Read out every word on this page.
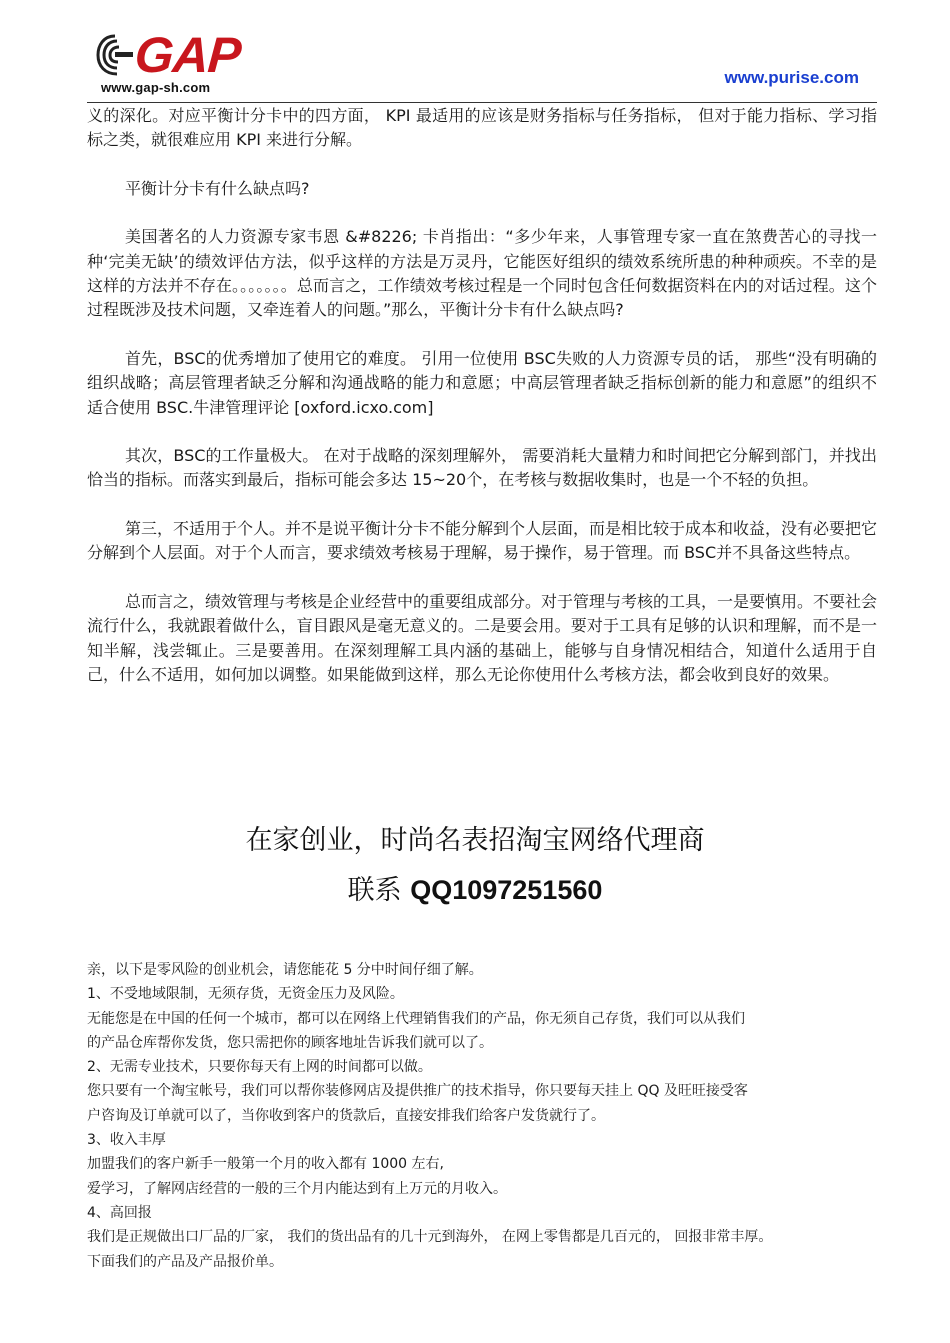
GAP
www.gap-sh.com
www.purise.com

义的深化。对应平衡计分卡中的四方面， KPI 最适用的应该是财务指标与任务指标， 但对于能力指标、学习指标之类，就很难应用 KPI 来进行分解。

平衡计分卡有什么缺点吗?

美国著名的人力资源专家韦恩 &#8226; 卡肖指出：“多少年来，人事管理专家一直在煞费苦心的寻找一种‘完美无缺’的绩效评估方法，似乎这样的方法是万灵丹，它能医好组织的绩效系统所患的种种顽疾。不幸的是这样的方法并不存在。。。。。。。总而言之，工作绩效考核过程是一个同时包含任何数据资料在内的对话过程。这个过程既涉及技术问题，又牵连着人的问题。”那么，平衡计分卡有什么缺点吗?

首先，BSC的优秀增加了使用它的难度。 引用一位使用 BSC失败的人力资源专员的话， 那些“没有明确的组织战略；高层管理者缺乏分解和沟通战略的能力和意愿；中高层管理者缺乏指标创新的能力和意愿”的组织不适合使用 BSC.牛津管理评论 [oxford.icxo.com]

其次，BSC的工作量极大。 在对于战略的深刻理解外， 需要消耗大量精力和时间把它分解到部门，并找出恰当的指标。而落实到最后，指标可能会多达 15~20个，在考核与数据收集时，也是一个不轻的负担。

第三，不适用于个人。并不是说平衡计分卡不能分解到个人层面，而是相比较于成本和收益，没有必要把它分解到个人层面。对于个人而言，要求绩效考核易于理解，易于操作，易于管理。而 BSC并不具备这些特点。

总而言之，绩效管理与考核是企业经营中的重要组成部分。对于管理与考核的工具，一是要慎用。不要社会流行什么，我就跟着做什么，盲目跟风是毫无意义的。二是要会用。要对于工具有足够的认识和理解，而不是一知半解，浅尝辄止。三是要善用。在深刻理解工具内涵的基础上，能够与自身情况相结合，知道什么适用于自己，什么不适用，如何加以调整。如果能做到这样，那么无论你使用什么考核方法，都会收到良好的效果。

在家创业，时尚名表招淘宝网络代理商
联系 QQ1097251560
亲，以下是零风险的创业机会，请您能花 5 分中时间仔细了解。
1、不受地域限制，无须存货，无资金压力及风险。
无能您是在中国的任何一个城市，都可以在网络上代理销售我们的产品，你无须自己存货，我们可以从我们
的产品仓库帮你发货，您只需把你的顾客地址告诉我们就可以了。
2、无需专业技术，只要你每天有上网的时间都可以做。
您只要有一个淘宝帐号，我们可以帮你装修网店及提供推广的技术指导，你只要每天挂上 QQ 及旺旺接受客
户咨询及订单就可以了，当你收到客户的货款后，直接安排我们给客户发货就行了。
3、收入丰厚
加盟我们的客户新手一般第一个月的收入都有 1000 左右,
爱学习，了解网店经营的一般的三个月内能达到有上万元的月收入。
4、高回报
我们是正规做出口厂品的厂家， 我们的货出品有的几十元到海外， 在网上零售都是几百元的， 回报非常丰厚。
下面我们的产品及产品报价单。
